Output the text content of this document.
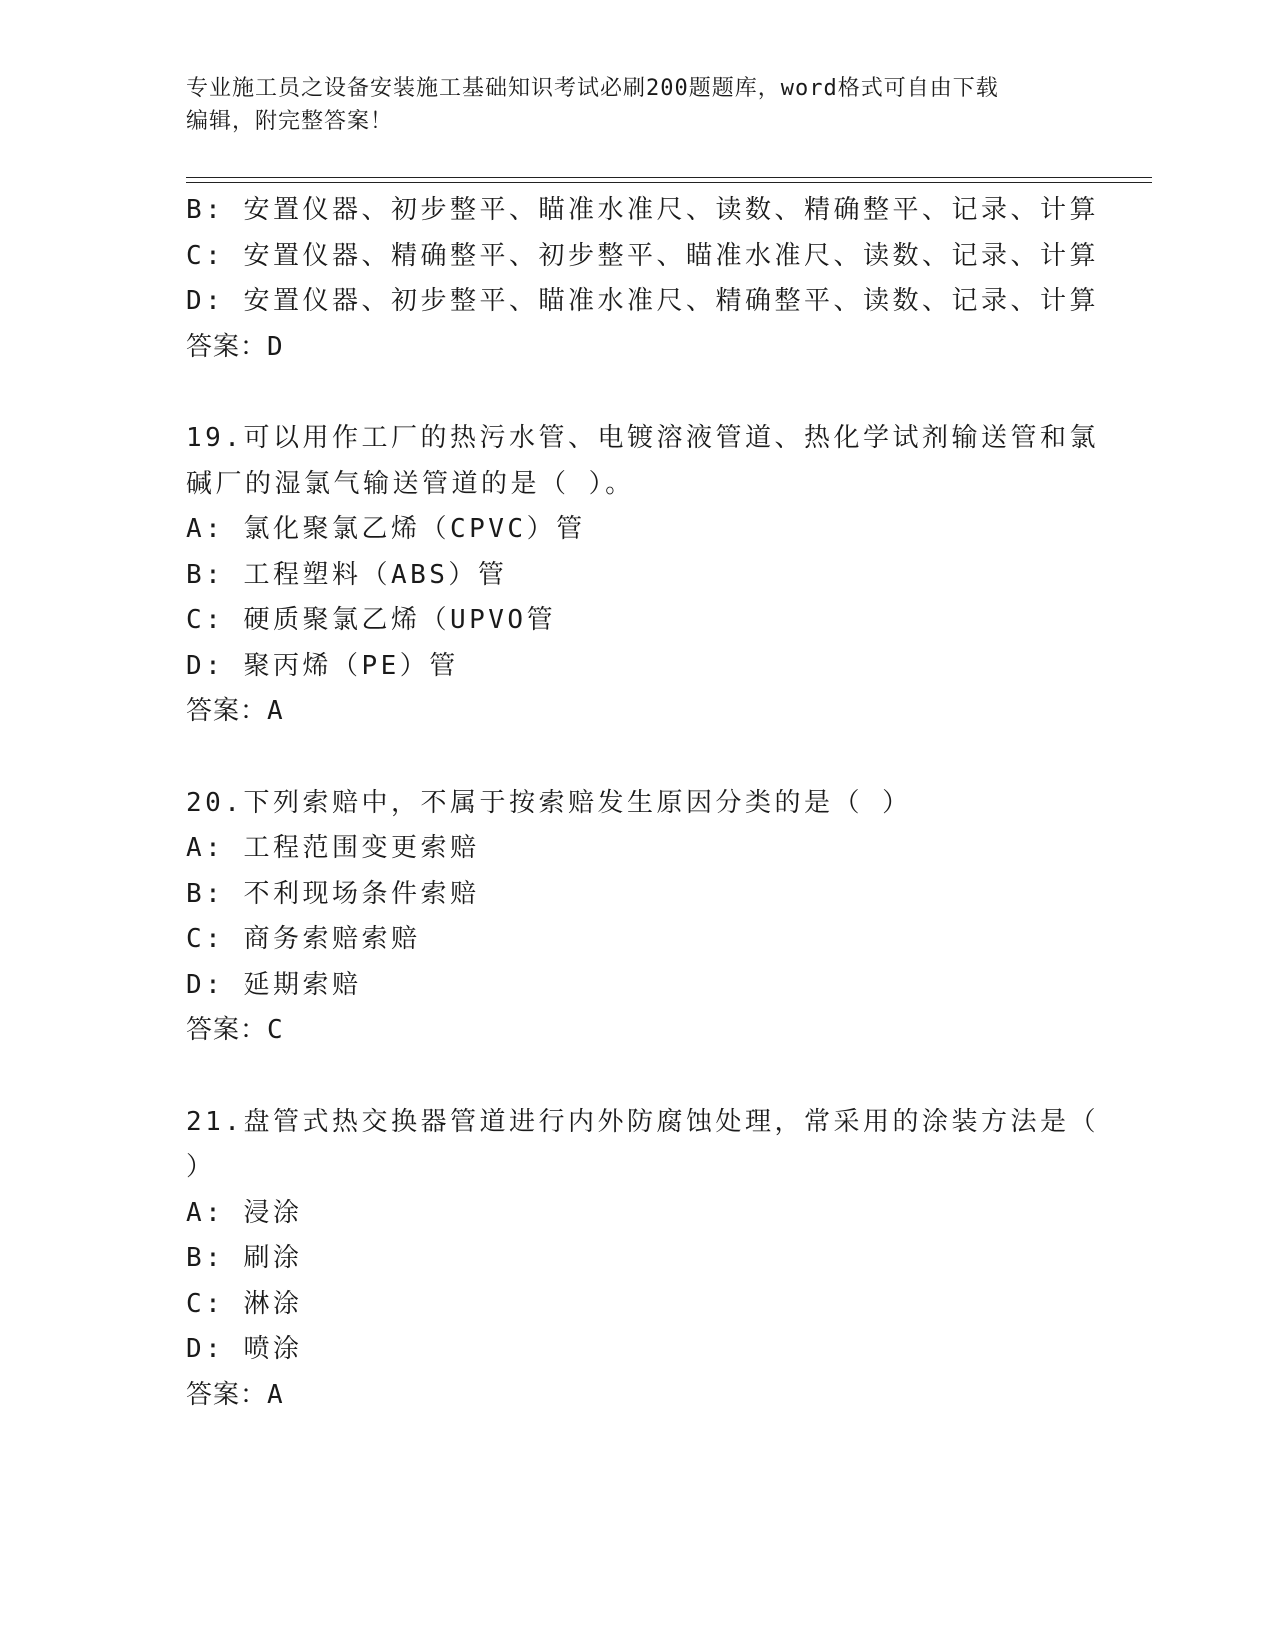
专业施工员之设备安装施工基础知识考试必刷200题题库，word格式可自由下载
编辑，附完整答案！
B: 安置仪器、初步整平、瞄准水准尺、读数、精确整平、记录、计算
C: 安置仪器、精确整平、初步整平、瞄准水准尺、读数、记录、计算
D: 安置仪器、初步整平、瞄准水准尺、精确整平、读数、记录、计算
答案：D
19.可以用作工厂的热污水管、电镀溶液管道、热化学试剂输送管和氯
碱厂的湿氯气输送管道的是（ ）。
A: 氯化聚氯乙烯（CPVC）管
B: 工程塑料（ABS）管
C: 硬质聚氯乙烯（UPVO管
D: 聚丙烯（PE）管
答案：A
20.下列索赔中，不属于按索赔发生原因分类的是（ ）
A: 工程范围变更索赔
B: 不利现场条件索赔
C: 商务索赔索赔
D: 延期索赔
答案：C
21.盘管式热交换器管道进行内外防腐蚀处理，常采用的涂装方法是（
）
A: 浸涂
B: 刷涂
C: 淋涂
D: 喷涂
答案：A
